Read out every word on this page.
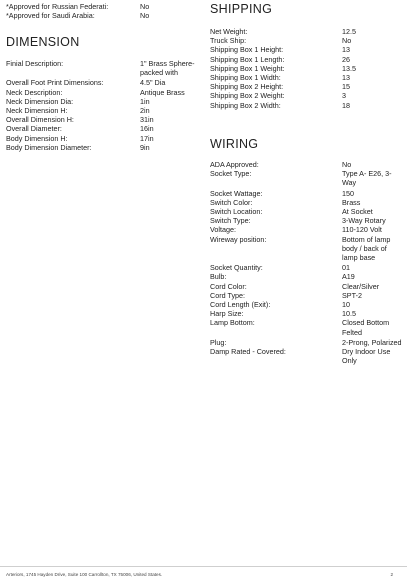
*Approved for Russian Federati:	No
*Approved for Saudi Arabia:	No
DIMENSION
Finial Description:	1" Brass Sphere-packed with
Overall Foot Print Dimensions:	4.5" Dia
Neck Description:	Antique Brass
Neck Dimension Dia:	1in
Neck Dimension H:	2in
Overall Dimension H:	31in
Overall Diameter:	16in
Body Dimension H:	17in
Body Dimension Diameter:	9in
SHIPPING
Net Weight:	12.5
Truck Ship:	No
Shipping Box 1 Height:	13
Shipping Box 1 Length:	26
Shipping Box 1 Weight:	13.5
Shipping Box 1 Width:	13
Shipping Box 2 Height:	15
Shipping Box 2 Weight:	3
Shipping Box 2 Width:	18
WIRING
ADA Approved:	No
Socket Type:	Type A- E26, 3-Way
Socket Wattage:	150
Switch Color:	Brass
Switch Location:	At Socket
Switch Type:	3-Way Rotary
Voltage:	110-120 Volt
Wireway position:	Bottom of lamp body / back of lamp base
Socket Quantity:	01
Bulb:	A19
Cord Color:	Clear/Silver
Cord Type:	SPT-2
Cord Length (Exit):	10
Harp Size:	10.5
Lamp Bottom:	Closed Bottom Felted
Plug:	2-Prong, Polarized
Damp Rated - Covered:	Dry Indoor Use Only
Arteriors, 1745 Hayden Drive, Suite 100 Carrollton, TX 75006, United States.	2
